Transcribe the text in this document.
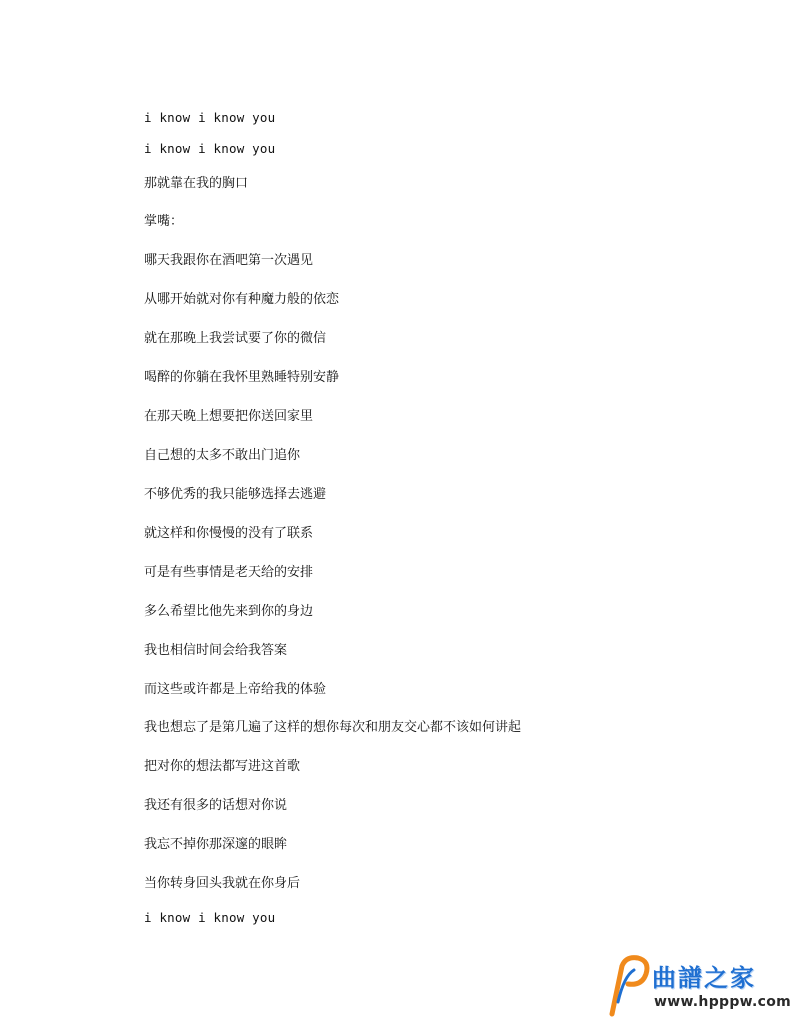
i know i know you
i know i know you
那就靠在我的胸口
掌嘴：
哪天我跟你在酒吧第一次遇见
从哪开始就对你有种魔力般的依恋
就在那晚上我尝试要了你的微信
喝醉的你躺在我怀里熟睡特别安静
在那天晚上想要把你送回家里
自己想的太多不敢出门追你
不够优秀的我只能够选择去逃避
就这样和你慢慢的没有了联系
可是有些事情是老天给的安排
多么希望比他先来到你的身边
我也相信时间会给我答案
而这些或许都是上帝给我的体验
我也想忘了是第几遍了这样的想你每次和朋友交心都不该如何讲起
把对你的想法都写进这首歌
我还有很多的话想对你说
我忘不掉你那深邃的眼眸
当你转身回头我就在你身后
i know i know you
曲譜之家
www.hpppw.com
